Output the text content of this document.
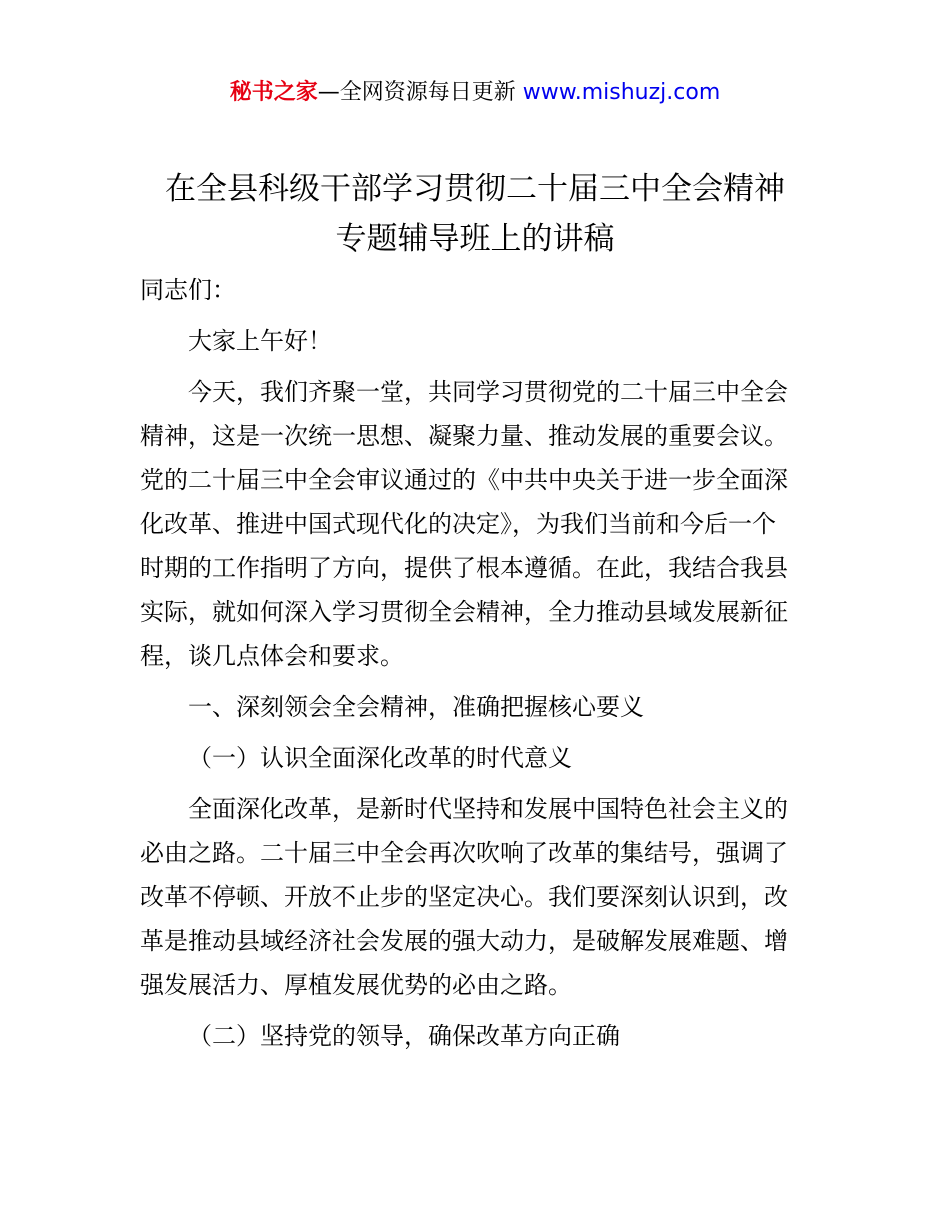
秘书之家—全网资源每日更新 www.mishuzj.com
在全县科级干部学习贯彻二十届三中全会精神
专题辅导班上的讲稿
同志们：
大家上午好！
今天，我们齐聚一堂，共同学习贯彻党的二十届三中全会
精神，这是一次统一思想、凝聚力量、推动发展的重要会议。
党的二十届三中全会审议通过的《中共中央关于进一步全面深
化改革、推进中国式现代化的决定》，为我们当前和今后一个
时期的工作指明了方向，提供了根本遵循。在此，我结合我县
实际，就如何深入学习贯彻全会精神，全力推动县域发展新征
程，谈几点体会和要求。
一、深刻领会全会精神，准确把握核心要义
（一）认识全面深化改革的时代意义
全面深化改革，是新时代坚持和发展中国特色社会主义的
必由之路。二十届三中全会再次吹响了改革的集结号，强调了
改革不停顿、开放不止步的坚定决心。我们要深刻认识到，改
革是推动县域经济社会发展的强大动力，是破解发展难题、增
强发展活力、厚植发展优势的必由之路。
（二）坚持党的领导，确保改革方向正确
